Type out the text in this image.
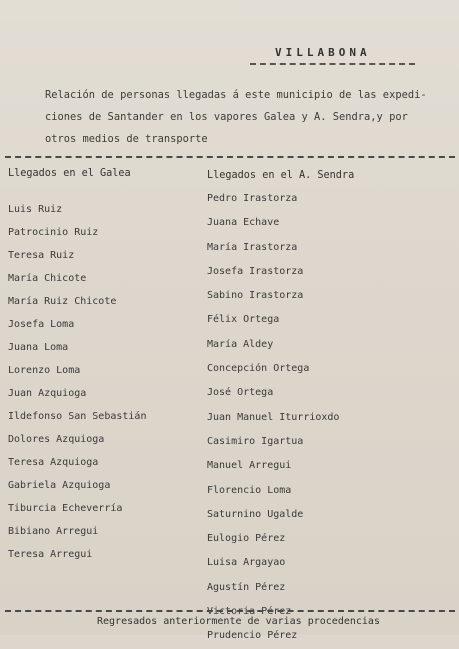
VILLABONA
Relación de personas llegadas á este municipio de las expedi-
ciones de Santander en los vapores Galea y A. Sendra,y por
otros medios de transporte
Llegados en el Galea	Llegados en el A. Sendra
Luis Ruiz
Patrocinio Ruiz
Teresa Ruiz
María Chicote
María Ruiz Chicote
Josefa Loma
Juana Loma
Lorenzo Loma
Juan Azquioga
Ildefonso San Sebastián
Dolores Azquioga
Teresa Azquioga
Gabriela Azquioga
Tiburcia Echeverría
Bibiano Arregui
Teresa Arregui
Pedro Irastorza
Juana Echave
María Irastorza
Josefa Irastorza
Sabino Irastorza
Félix Ortega
María Aldey
Concepción Ortega
José Ortega
Juan Manuel Iturrioxdo
Casimiro Igartua
Manuel Arregui
Florencio Loma
Saturnino Ugalde
Eulogio Pérez
Luisa Argayao
Agustín Pérez
Victoria Pérez
Prudencio Pérez
Regresados anteriormente de varias procedencias
